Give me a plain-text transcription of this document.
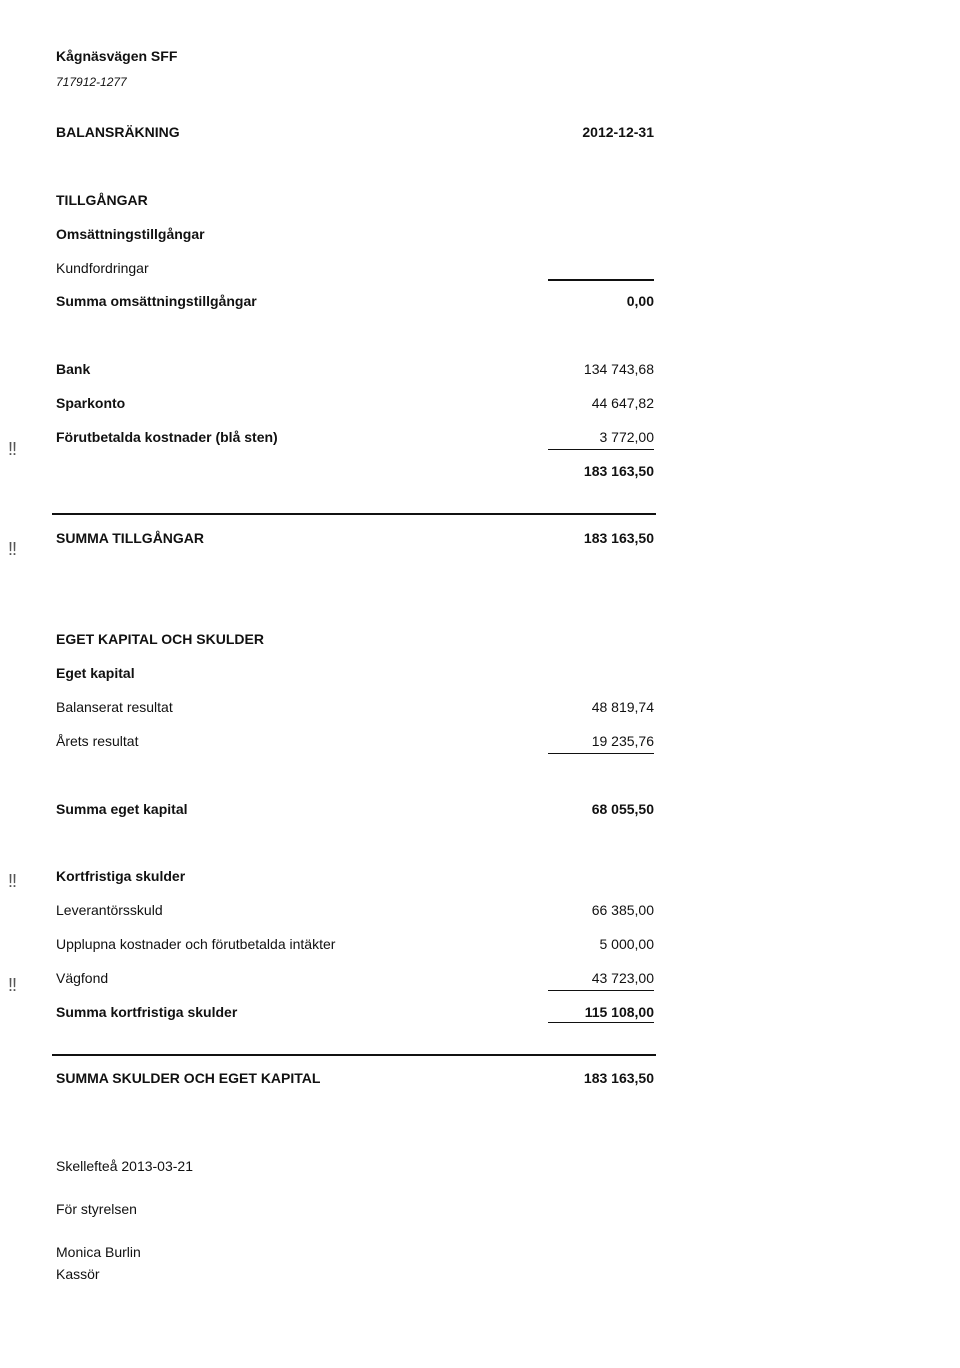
Kågnäsvägen SFF
717912-1277
BALANSRÄKNING	2012-12-31
TILLGÅNGAR
Omsättningstillgångar
Kundfordringar
Summa omsättningstillgångar	0,00
Bank	134 743,68
Sparkonto	44 647,82
Förutbetalda kostnader (blå sten)	3 772,00
183 163,50
SUMMA TILLGÅNGAR	183 163,50
EGET KAPITAL OCH SKULDER
Eget kapital
Balanserat resultat	48 819,74
Årets resultat	19 235,76
Summa eget kapital	68 055,50
Kortfristiga skulder
Leverantörsskuld	66 385,00
Upplupna kostnader och förutbetalda intäkter	5 000,00
Vägfond	43 723,00
Summa kortfristiga skulder	115 108,00
SUMMA SKULDER OCH EGET KAPITAL	183 163,50
Skellefteå 2013-03-21
För styrelsen
Monica Burlin
Kassör
‼
‼
‼
‼
